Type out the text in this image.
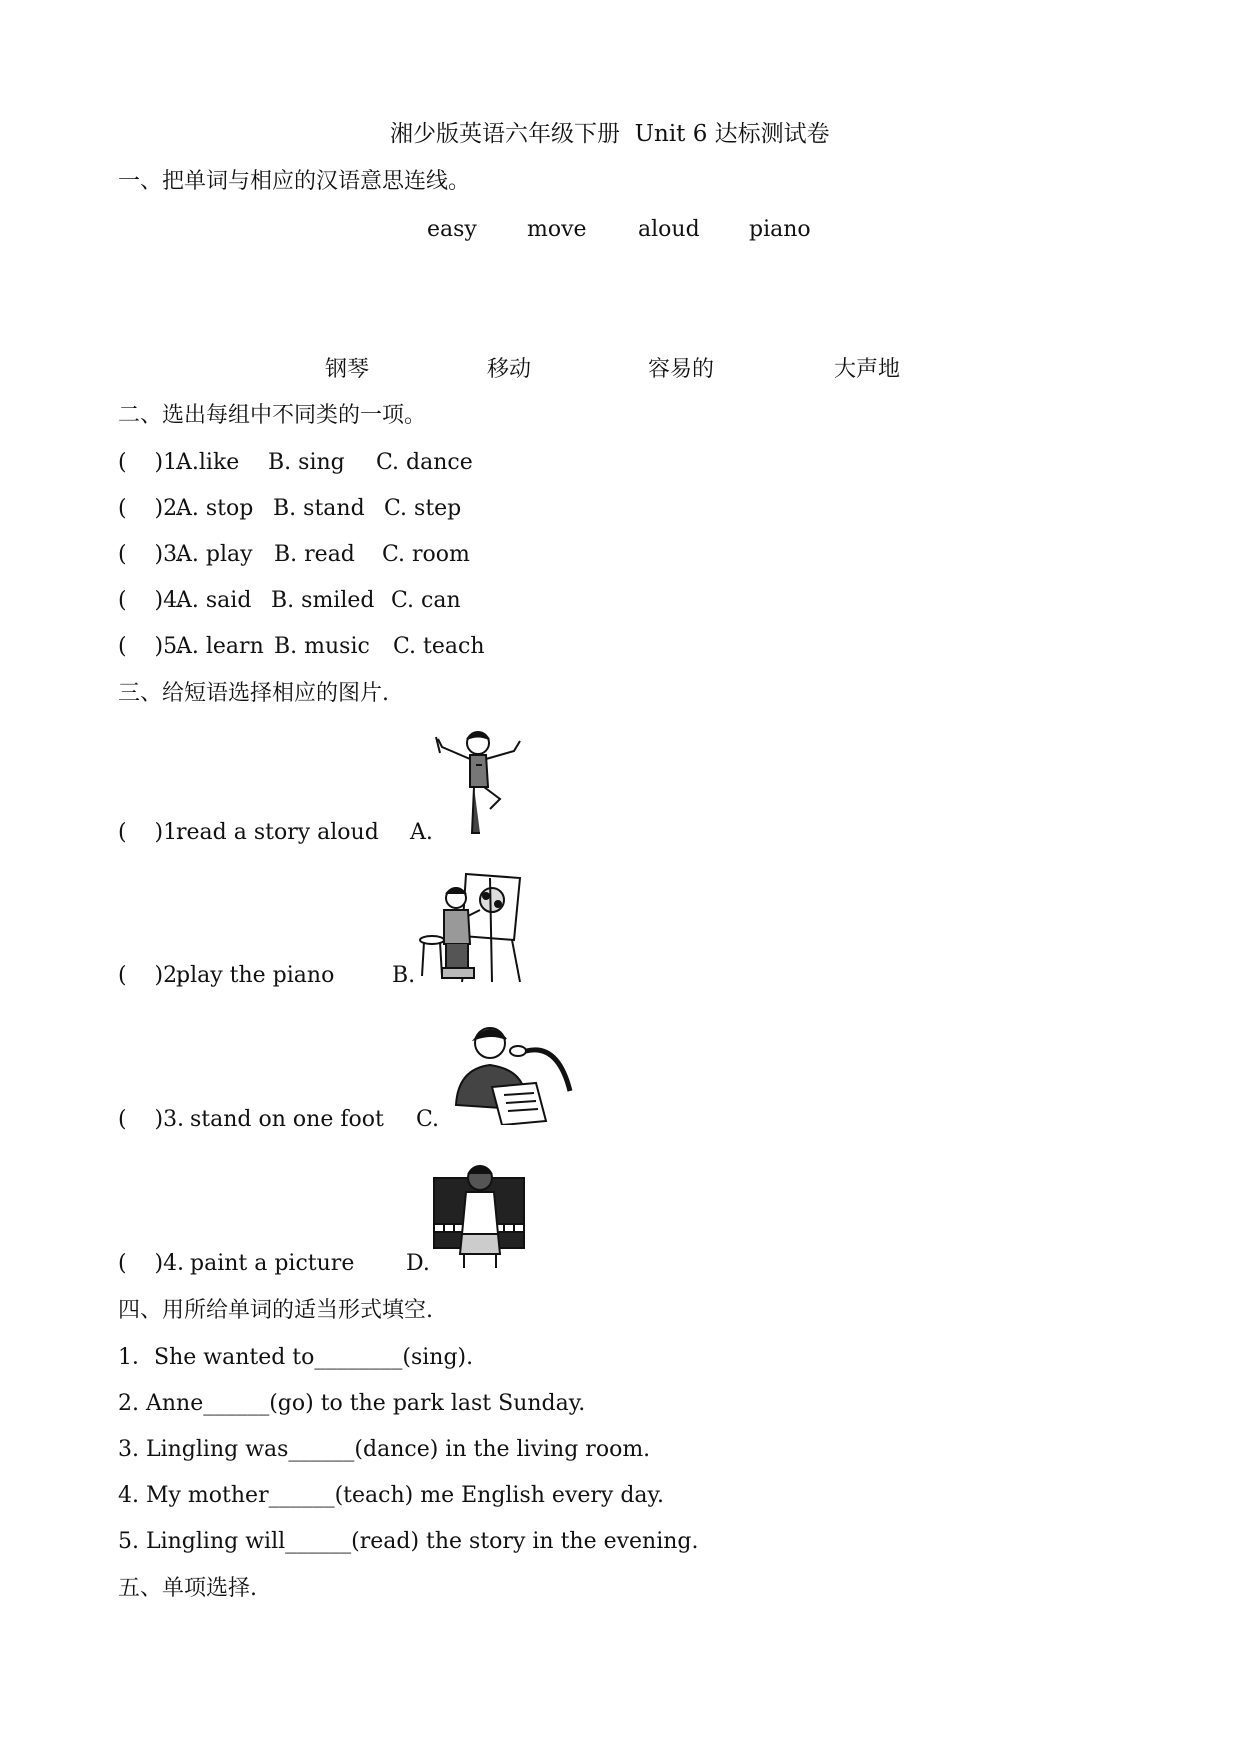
湘少版英语六年级下册  Unit 6 达标测试卷
一、把单词与相应的汉语意思连线。
easy move aloud piano
钢琴	移动	容易的	大声地
二、选出每组中不同类的一项。
(    )1.
A.like B. sing C. dance
(    )2.
A. stop B. stand C. step
(    )3.
A. play B. read C. room
(    )4.
A. said B. smiled C. can
(    )5.
A. learn B. music C. teach
三、给短语选择相应的图片.
(    )1.
read a story aloud A.
(    )2.
play the piano	B.
(    )3．
stand on one foot C.
(    )4．
paint a picture D.
四、用所给单词的适当形式填空.
1．She wanted to________(sing).
2. Anne______(go) to the park last Sunday.
3. Lingling was______(dance) in the living room.
4. My mother______(teach) me English every day.
5. Lingling will______(read) the story in the evening.
五、单项选择.
